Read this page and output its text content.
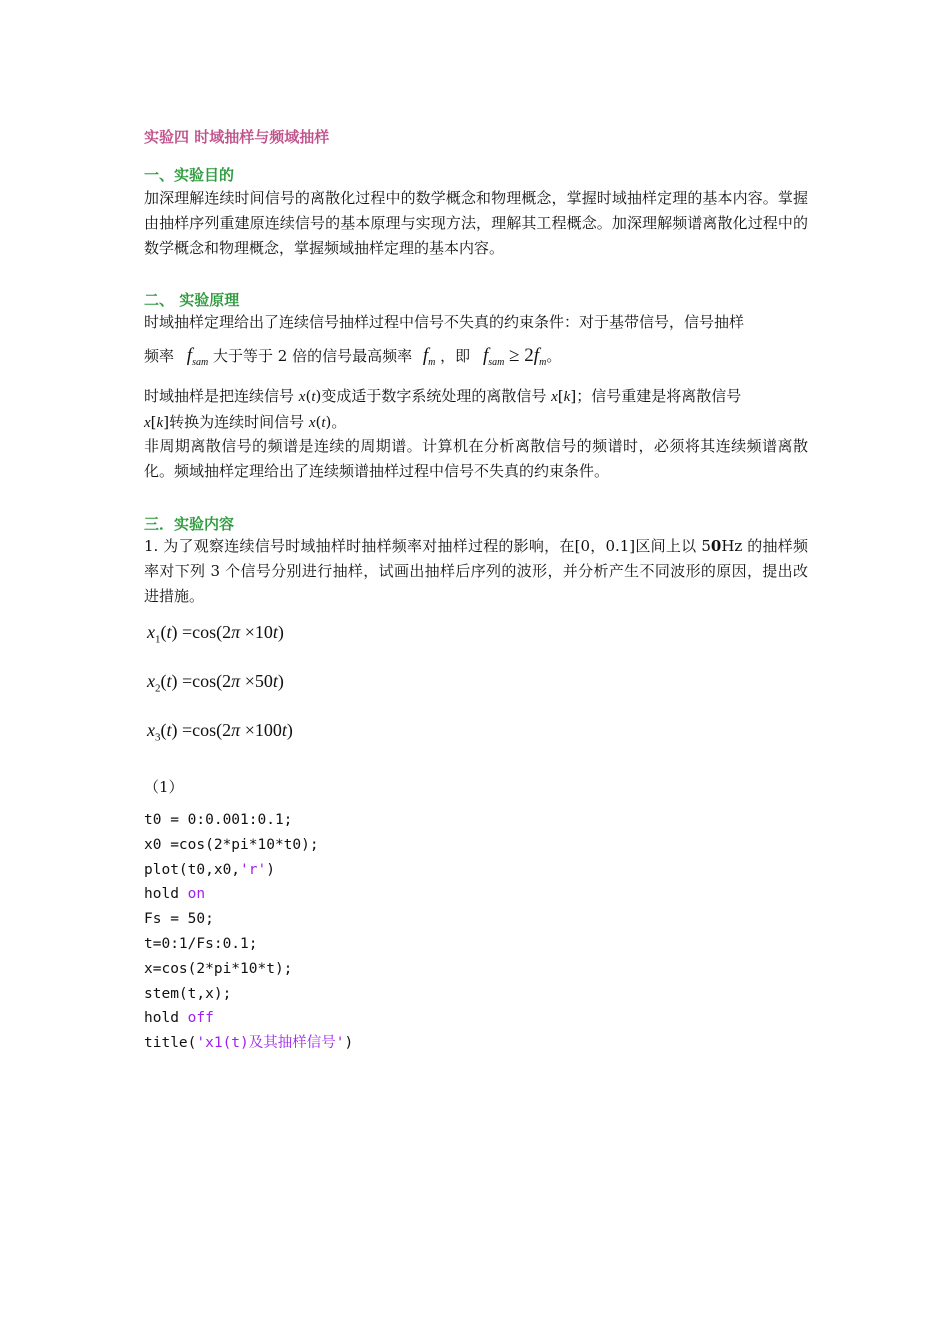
实验四 时域抽样与频域抽样
一、实验目的
加深理解连续时间信号的离散化过程中的数学概念和物理概念，掌握时域抽样定理的基本内容。掌握由抽样序列重建原连续信号的基本原理与实现方法，理解其工程概念。加深理解频谱离散化过程中的数学概念和物理概念，掌握频域抽样定理的基本内容。
二、 实验原理
时域抽样定理给出了连续信号抽样过程中信号不失真的约束条件：对于基带信号，信号抽样
频率 $f_{sam}$ 大于等于 2 倍的信号最高频率 $f_m$ ，即 $f_{sam} \ge 2f_m$。
时域抽样是把连续信号 x(t)变成适于数字系统处理的离散信号 x[k]；信号重建是将离散信号
x[k]转换为连续时间信号 x(t)。
非周期离散信号的频谱是连续的周期谱。计算机在分析离散信号的频谱时，必须将其连续频谱离散化。频域抽样定理给出了连续频谱抽样过程中信号不失真的约束条件。
三．实验内容
1. 为了观察连续信号时域抽样时抽样频率对抽样过程的影响，在[0，0.1]区间上以 50Hz 的抽样频率对下列 3 个信号分别进行抽样，试画出抽样后序列的波形，并分析产生不同波形的原因，提出改进措施。
$x_1(t) =\cos(2\pi \times 10t)$
$x_2(t) =\cos(2\pi \times 50t)$
$x_3(t) =\cos(2\pi \times 100t)$
（1）
t0 = 0:0.001:0.1;
x0 =cos(2*pi*10*t0);
plot(t0,x0,'r')
hold on
Fs = 50;
t=0:1/Fs:0.1;
x=cos(2*pi*10*t);
stem(t,x);
hold off
title('x1(t)及其抽样信号')
